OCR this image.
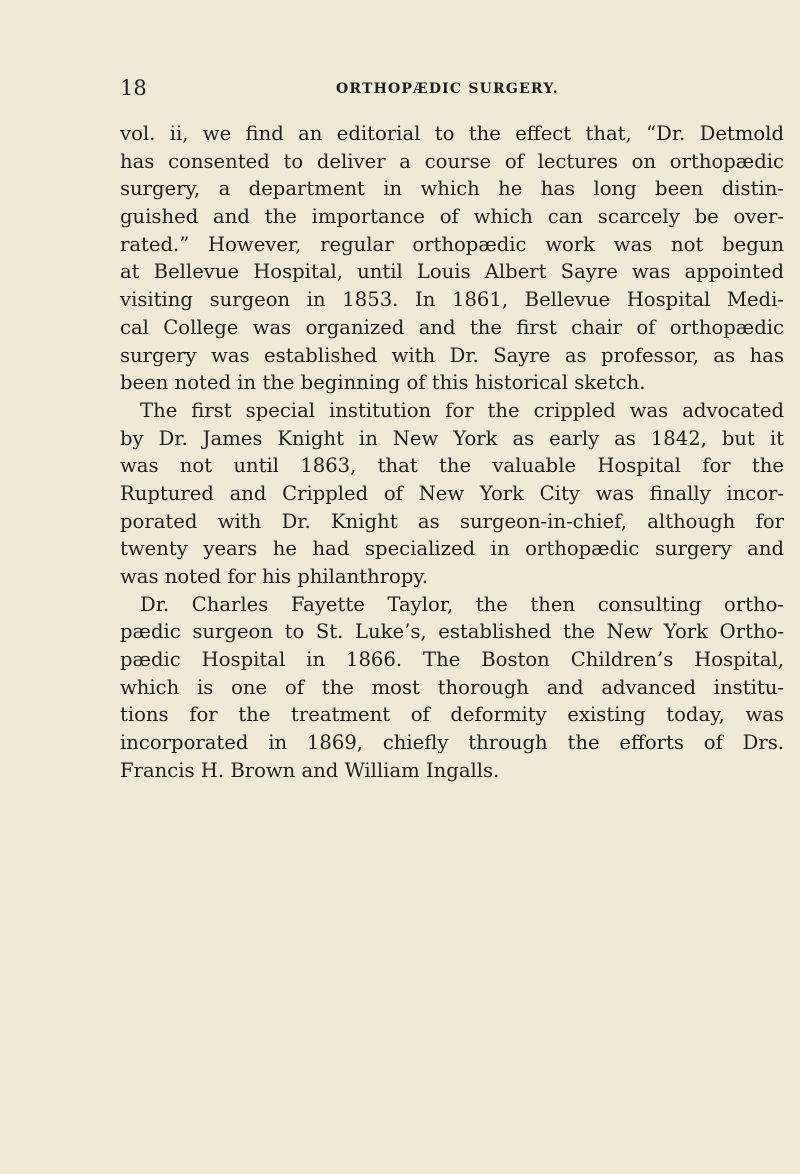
18	ORTHOPÆDIC SURGERY.
vol. ii, we find an editorial to the effect that, “Dr. Detmold
has consented to deliver a course of lectures on orthopædic
surgery, a department in which he has long been distin-
guished and the importance of which can scarcely be over-
rated.” However, regular orthopædic work was not begun
at Bellevue Hospital, until Louis Albert Sayre was appointed
visiting surgeon in 1853. In 1861, Bellevue Hospital Medi-
cal College was organized and the first chair of orthopædic
surgery was established with Dr. Sayre as professor, as has
been noted in the beginning of this historical sketch.
The first special institution for the crippled was advocated
by Dr. James Knight in New York as early as 1842, but it
was not until 1863, that the valuable Hospital for the
Ruptured and Crippled of New York City was finally incor-
porated with Dr. Knight as surgeon-in-chief, although for
twenty years he had specialized in orthopædic surgery and
was noted for his philanthropy.
Dr. Charles Fayette Taylor, the then consulting ortho-
pædic surgeon to St. Luke’s, established the New York Ortho-
pædic Hospital in 1866. The Boston Children’s Hospital,
which is one of the most thorough and advanced institu-
tions for the treatment of deformity existing today, was
incorporated in 1869, chiefly through the efforts of Drs.
Francis H. Brown and William Ingalls.
